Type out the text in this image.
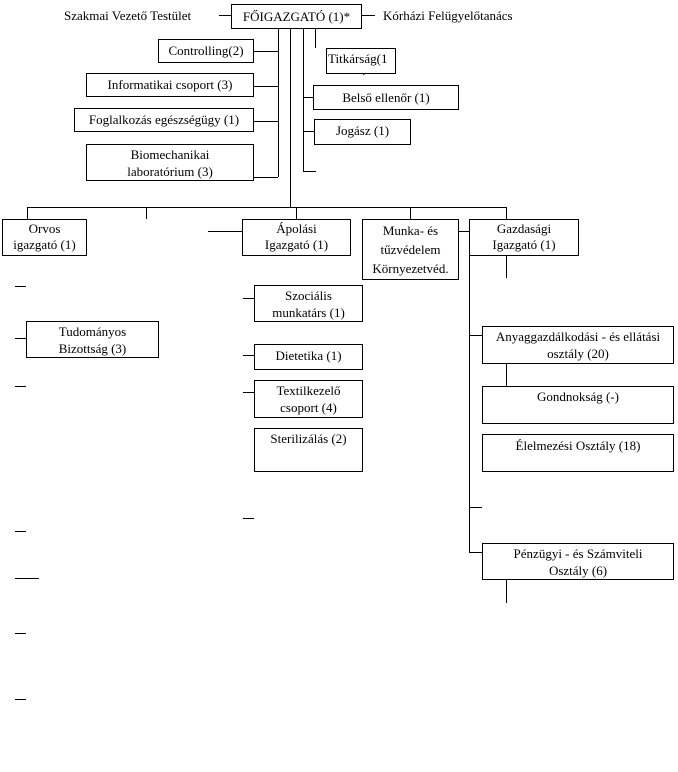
Szakmai Vezető Testület	FŐIGAZGATÓ (1)*	Kórházi Felügyelőtanács
Controlling(2)
Informatikai csoport (3)
Foglalkozás egészségügy (1)
Biomechanikai
laboratórium (3)
Titkárság(1
Belső ellenőr (1)
Jogász (1)
Orvos
igazgató (1)
Ápolási
Igazgató (1)
Munka- és
tűzvédelem
Környezetvéd.
Gazdasági
Igazgató (1)
Tudományos
Bizottság (3)
Szociális
munkatárs (1)
Dietetika (1)
Textilkezelő
csoport (4)
Sterilizálás (2)
Anyaggazdálkodási - és ellátási
osztály (20)
Gondnokság (-)
Élelmezési Osztály (18)
Pénzügyi - és Számviteli
Osztály (6)
